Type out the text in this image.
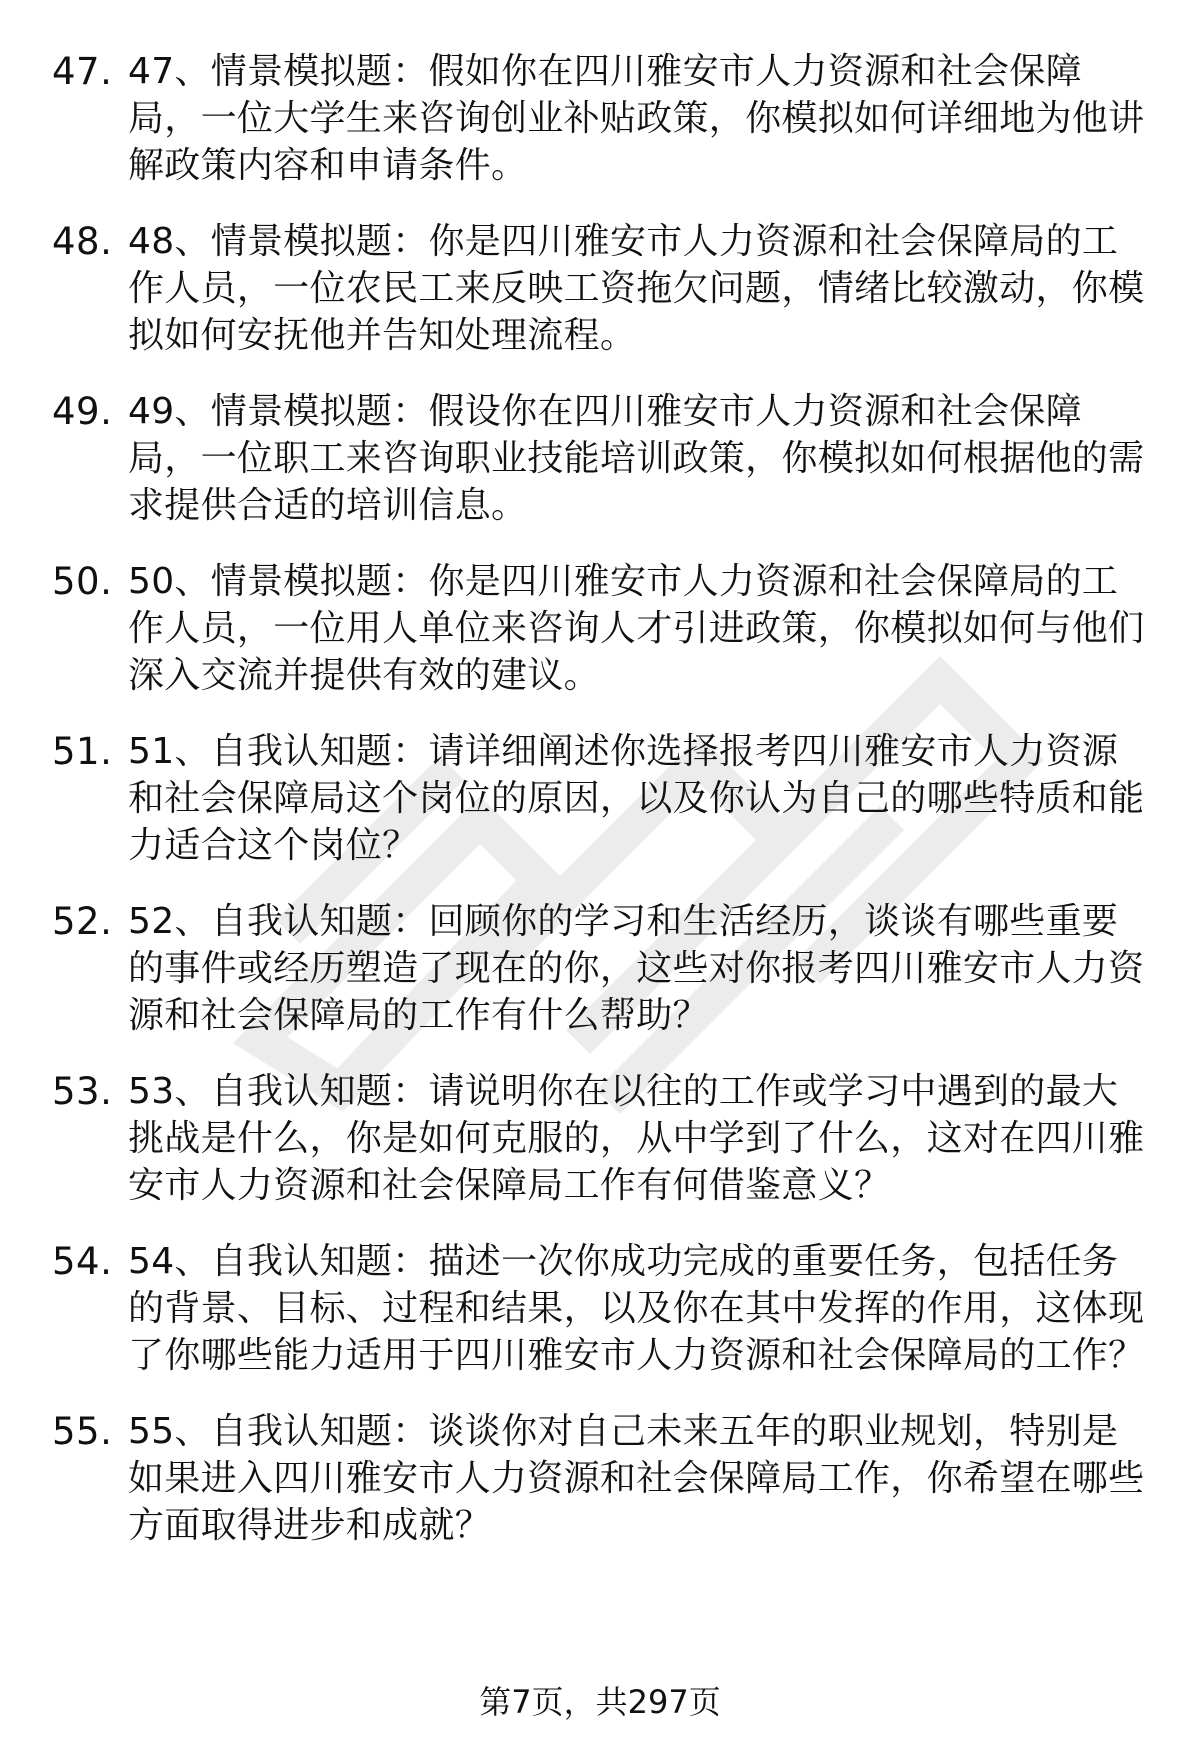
47. 47、情景模拟题：假如你在四川雅安市人力资源和社会保障局，一位大学生来咨询创业补贴政策，你模拟如何详细地为他讲解政策内容和申请条件。
48. 48、情景模拟题：你是四川雅安市人力资源和社会保障局的工作人员，一位农民工来反映工资拖欠问题，情绪比较激动，你模拟如何安抚他并告知处理流程。
49. 49、情景模拟题：假设你在四川雅安市人力资源和社会保障局，一位职工来咨询职业技能培训政策，你模拟如何根据他的需求提供合适的培训信息。
50. 50、情景模拟题：你是四川雅安市人力资源和社会保障局的工作人员，一位用人单位来咨询人才引进政策，你模拟如何与他们深入交流并提供有效的建议。
51. 51、自我认知题：请详细阐述你选择报考四川雅安市人力资源和社会保障局这个岗位的原因，以及你认为自己的哪些特质和能力适合这个岗位？
52. 52、自我认知题：回顾你的学习和生活经历，谈谈有哪些重要的事件或经历塑造了现在的你，这些对你报考四川雅安市人力资源和社会保障局的工作有什么帮助？
53. 53、自我认知题：请说明你在以往的工作或学习中遇到的最大挑战是什么，你是如何克服的，从中学到了什么，这对在四川雅安市人力资源和社会保障局工作有何借鉴意义？
54. 54、自我认知题：描述一次你成功完成的重要任务，包括任务的背景、目标、过程和结果，以及你在其中发挥的作用，这体现了你哪些能力适用于四川雅安市人力资源和社会保障局的工作？
55. 55、自我认知题：谈谈你对自己未来五年的职业规划，特别是如果进入四川雅安市人力资源和社会保障局工作，你希望在哪些方面取得进步和成就？
第7页，共297页
